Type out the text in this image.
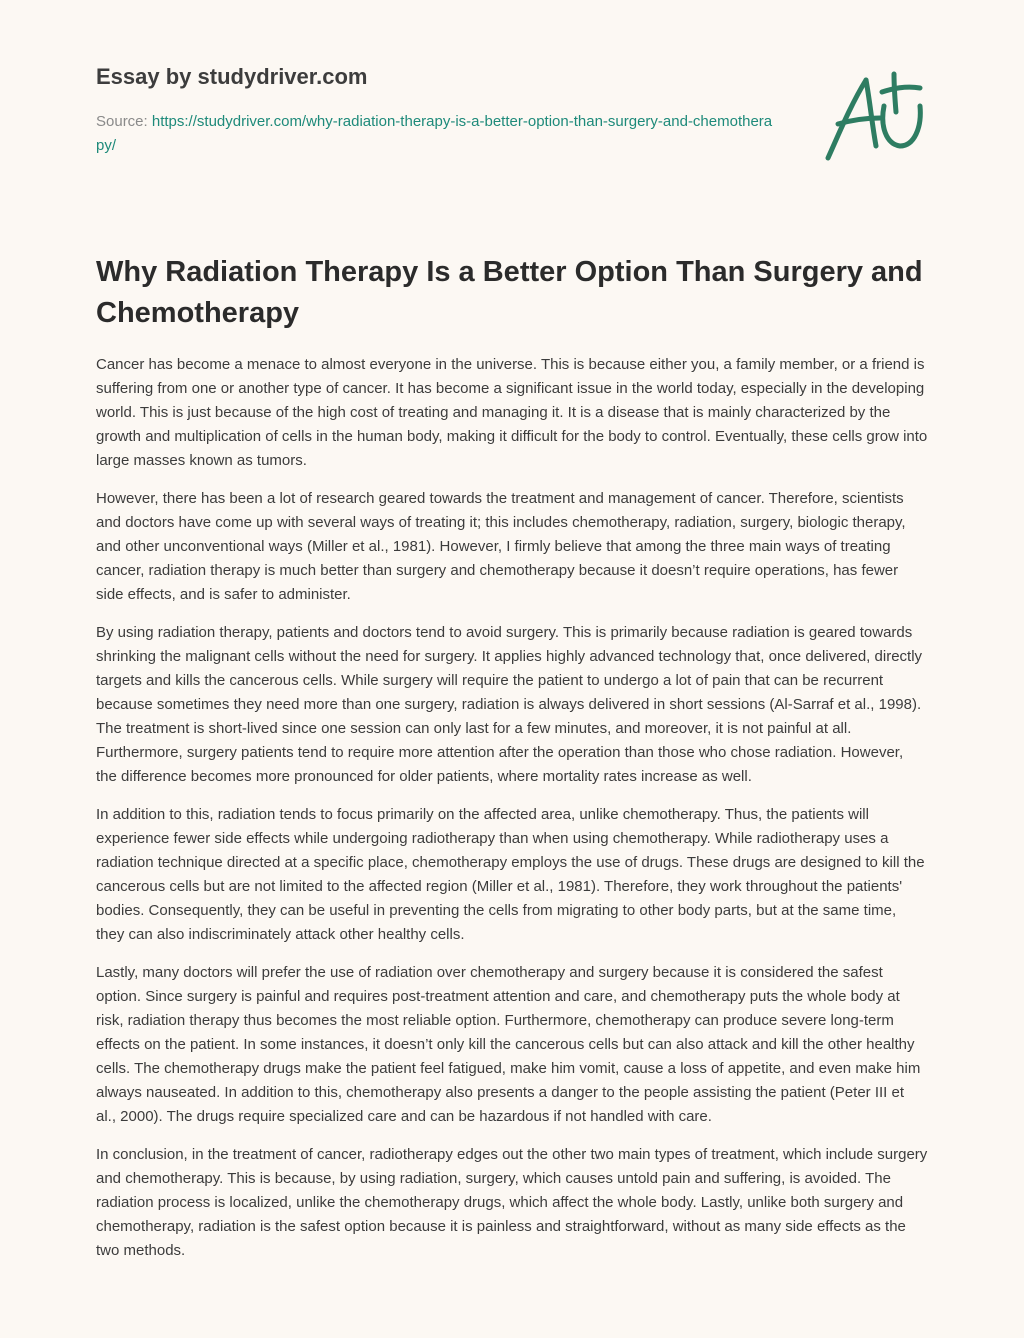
Essay by studydriver.com
Source: https://studydriver.com/why-radiation-therapy-is-a-better-option-than-surgery-and-chemotherapy/
Why Radiation Therapy Is a Better Option Than Surgery and Chemotherapy

Cancer has become a menace to almost everyone in the universe. This is because either you, a family member, or a friend is suffering from one or another type of cancer. It has become a significant issue in the world today, especially in the developing world. This is just because of the high cost of treating and managing it. It is a disease that is mainly characterized by the growth and multiplication of cells in the human body, making it difficult for the body to control. Eventually, these cells grow into large masses known as tumors.

However, there has been a lot of research geared towards the treatment and management of cancer. Therefore, scientists and doctors have come up with several ways of treating it; this includes chemotherapy, radiation, surgery, biologic therapy, and other unconventional ways (Miller et al., 1981). However, I firmly believe that among the three main ways of treating cancer, radiation therapy is much better than surgery and chemotherapy because it doesn’t require operations, has fewer side effects, and is safer to administer.

By using radiation therapy, patients and doctors tend to avoid surgery. This is primarily because radiation is geared towards shrinking the malignant cells without the need for surgery. It applies highly advanced technology that, once delivered, directly targets and kills the cancerous cells. While surgery will require the patient to undergo a lot of pain that can be recurrent because sometimes they need more than one surgery, radiation is always delivered in short sessions (Al-Sarraf et al., 1998). The treatment is short-lived since one session can only last for a few minutes, and moreover, it is not painful at all. Furthermore, surgery patients tend to require more attention after the operation than those who chose radiation. However, the difference becomes more pronounced for older patients, where mortality rates increase as well.

In addition to this, radiation tends to focus primarily on the affected area, unlike chemotherapy. Thus, the patients will experience fewer side effects while undergoing radiotherapy than when using chemotherapy. While radiotherapy uses a radiation technique directed at a specific place, chemotherapy employs the use of drugs. These drugs are designed to kill the cancerous cells but are not limited to the affected region (Miller et al., 1981). Therefore, they work throughout the patients' bodies. Consequently, they can be useful in preventing the cells from migrating to other body parts, but at the same time, they can also indiscriminately attack other healthy cells.

Lastly, many doctors will prefer the use of radiation over chemotherapy and surgery because it is considered the safest option. Since surgery is painful and requires post-treatment attention and care, and chemotherapy puts the whole body at risk, radiation therapy thus becomes the most reliable option. Furthermore, chemotherapy can produce severe long-term effects on the patient. In some instances, it doesn’t only kill the cancerous cells but can also attack and kill the other healthy cells. The chemotherapy drugs make the patient feel fatigued, make him vomit, cause a loss of appetite, and even make him always nauseated. In addition to this, chemotherapy also presents a danger to the people assisting the patient (Peter III et al., 2000). The drugs require specialized care and can be hazardous if not handled with care.

In conclusion, in the treatment of cancer, radiotherapy edges out the other two main types of treatment, which include surgery and chemotherapy. This is because, by using radiation, surgery, which causes untold pain and suffering, is avoided. The radiation process is localized, unlike the chemotherapy drugs, which affect the whole body. Lastly, unlike both surgery and chemotherapy, radiation is the safest option because it is painless and straightforward, without as many side effects as the two methods.
